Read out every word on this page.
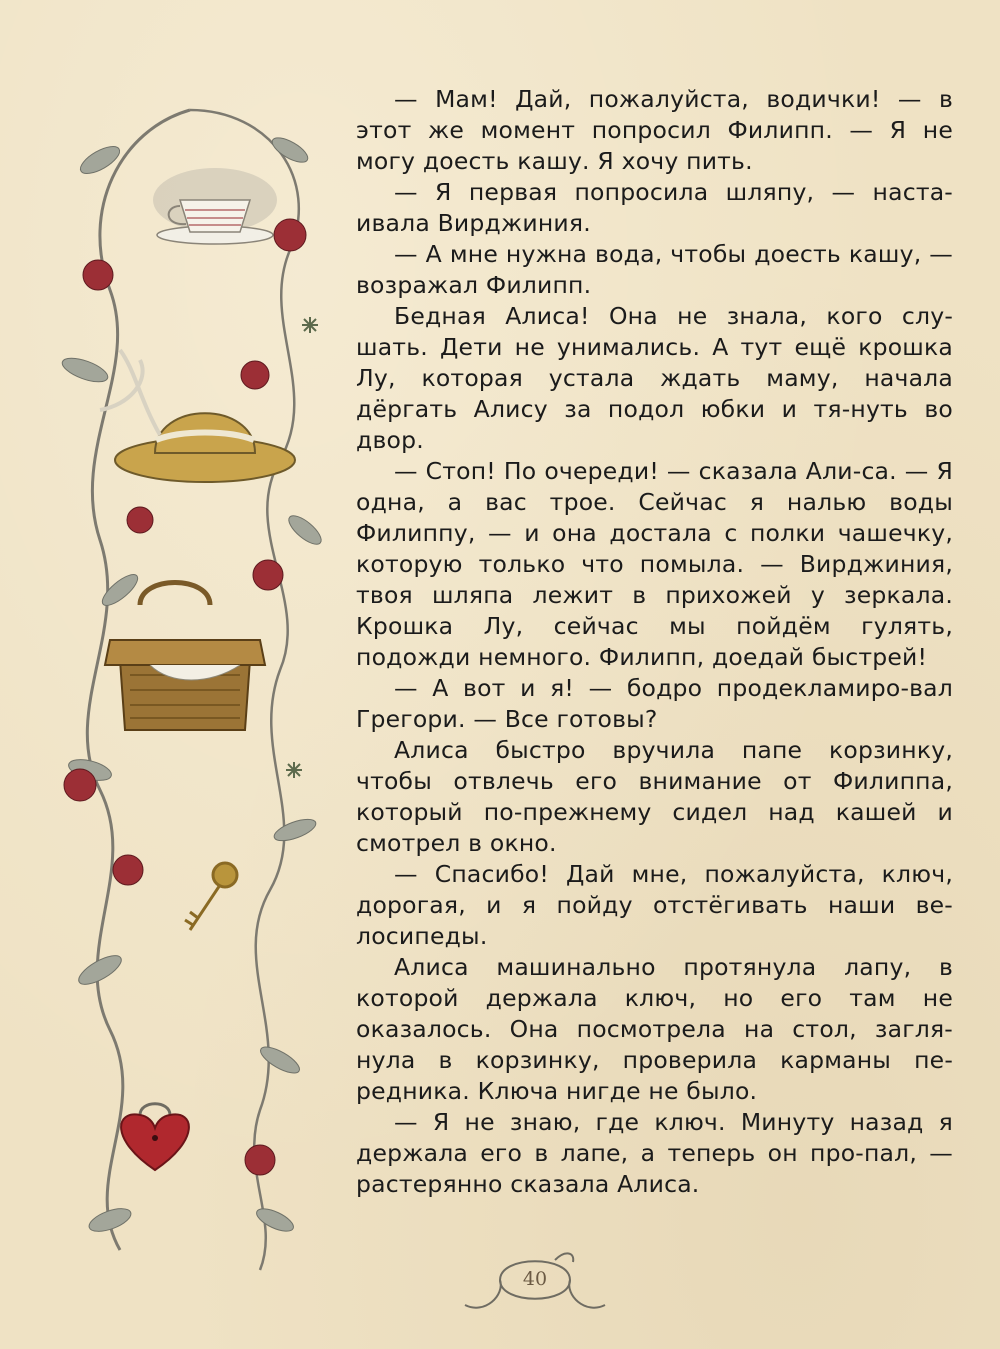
— Мам! Дай, пожалуйста, водички! — в этот же момент попросил Филипп. — Я не могу доесть кашу. Я хочу пить.

— Я первая попросила шляпу, — наста-ивала Вирджиния.

— А мне нужна вода, чтобы доесть кашу, — возражал Филипп.

Бедная Алиса! Она не знала, кого слу-шать. Дети не унимались. А тут ещё крошка Лу, которая устала ждать маму, начала дёргать Алису за подол юбки и тя-нуть во двор.

— Стоп! По очереди! — сказала Али-са. — Я одна, а вас трое. Сейчас я налью воды Филиппу, — и она достала с полки чашечку, которую только что помыла. — Вирджиния, твоя шляпа лежит в прихожей у зеркала. Крошка Лу, сейчас мы пойдём гулять, подожди немного. Филипп, доедай быстрей!

— А вот и я! — бодро продекламиро-вал Грегори. — Все готовы?

Алиса быстро вручила папе корзинку, чтобы отвлечь его внимание от Филиппа, который по-прежнему сидел над кашей и смотрел в окно.

— Спасибо! Дай мне, пожалуйста, ключ, дорогая, и я пойду отстёгивать наши ве-лосипеды.

Алиса машинально протянула лапу, в которой держала ключ, но его там не оказалось. Она посмотрела на стол, загля-нула в корзинку, проверила карманы пе-редника. Ключа нигде не было.

— Я не знаю, где ключ. Минуту назад я держала его в лапе, а теперь он про-пал, — растерянно сказала Алиса.

40
